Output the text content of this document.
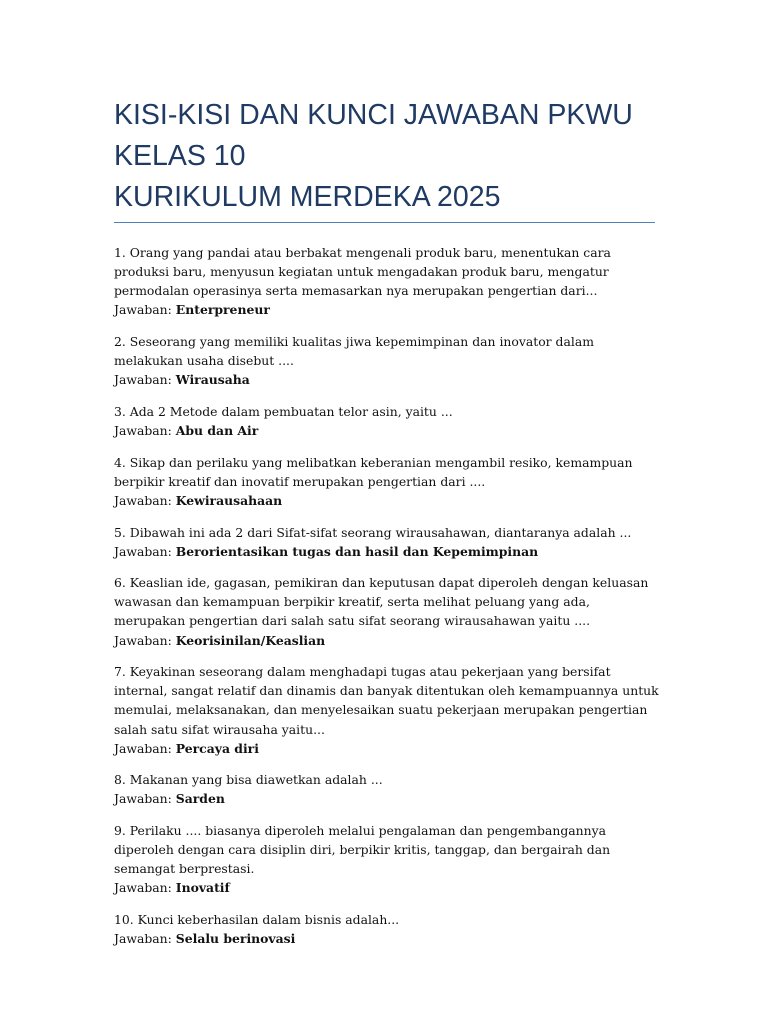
KISI-KISI DAN KUNCI JAWABAN PKWU
KELAS 10
KURIKULUM MERDEKA 2025

1. Orang yang pandai atau berbakat mengenali produk baru, menentukan cara produksi baru, menyusun kegiatan untuk mengadakan produk baru, mengatur permodalan operasinya serta memasarkan nya merupakan pengertian dari...

Jawaban: Enterpreneur

2. Seseorang yang memiliki kualitas jiwa kepemimpinan dan inovator dalam melakukan usaha disebut ....

Jawaban: Wirausaha

3. Ada 2 Metode dalam pembuatan telor asin, yaitu ...

Jawaban: Abu dan Air

4. Sikap dan perilaku yang melibatkan keberanian mengambil resiko, kemampuan berpikir kreatif dan inovatif merupakan pengertian dari ....

Jawaban: Kewirausahaan

5. Dibawah ini ada 2 dari Sifat-sifat seorang wirausahawan, diantaranya adalah ...

Jawaban: Berorientasikan tugas dan hasil dan Kepemimpinan

6. Keaslian ide, gagasan, pemikiran dan keputusan dapat diperoleh dengan keluasan wawasan dan kemampuan berpikir kreatif, serta melihat peluang yang ada, merupakan pengertian dari salah satu sifat seorang wirausahawan yaitu ....

Jawaban: Keorisinilan/Keaslian

7. Keyakinan seseorang dalam menghadapi tugas atau pekerjaan yang bersifat internal, sangat relatif dan dinamis dan banyak ditentukan oleh kemampuannya untuk memulai, melaksanakan, dan menyelesaikan suatu pekerjaan merupakan pengertian salah satu sifat wirausaha yaitu...

Jawaban: Percaya diri

8. Makanan yang bisa diawetkan adalah ...

Jawaban: Sarden

9. Perilaku .... biasanya diperoleh melalui pengalaman dan pengembangannya diperoleh dengan cara disiplin diri, berpikir kritis, tanggap, dan bergairah dan semangat berprestasi.

Jawaban: Inovatif

10. Kunci keberhasilan dalam bisnis adalah...

Jawaban: Selalu berinovasi
